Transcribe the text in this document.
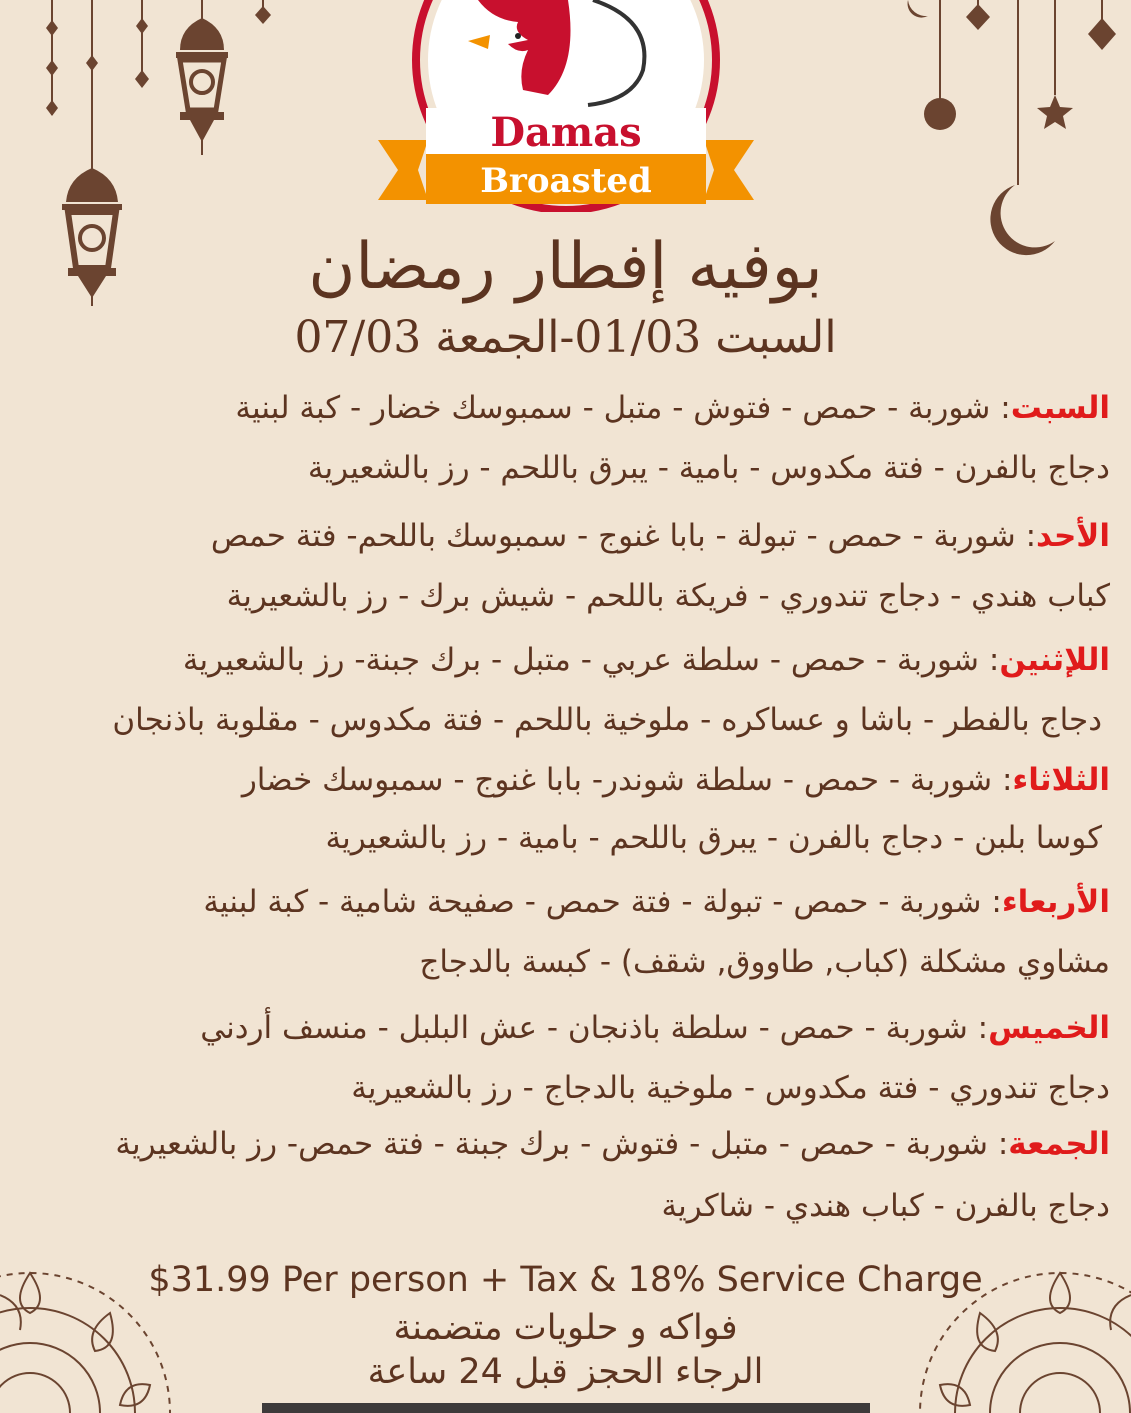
Damas
Broasted
بوفيه إفطار رمضان
السبت 01/03-الجمعة 07/03
السبت: شوربة - حمص - فتوش - متبل - سمبوسك خضار - كبة لبنية
دجاج بالفرن - فتة مكدوس - بامية - يبرق باللحم - رز بالشعيرية
الأحد: شوربة - حمص - تبولة - بابا غنوج - سمبوسك باللحم- فتة حمص
كباب هندي - دجاج تندوري - فريكة باللحم - شيش برك - رز بالشعيرية
اللإثنين: شوربة - حمص - سلطة عربي - متبل - برك جبنة- رز بالشعيرية
دجاج بالفطر - باشا و عساكره - ملوخية باللحم - فتة مكدوس - مقلوبة باذنجان
الثلاثاء: شوربة - حمص - سلطة شوندر- بابا غنوج - سمبوسك خضار
كوسا بلبن - دجاج بالفرن - يبرق باللحم - بامية - رز بالشعيرية
الأربعاء: شوربة - حمص - تبولة - فتة حمص - صفيحة شامية - كبة لبنية
مشاوي مشكلة (كباب, طاووق, شقف) - كبسة بالدجاج
الخميس: شوربة - حمص - سلطة باذنجان - عش البلبل - منسف أردني
دجاج تندوري - فتة مكدوس - ملوخية بالدجاج - رز بالشعيرية
الجمعة: شوربة - حمص - متبل - فتوش - برك جبنة - فتة حمص- رز بالشعيرية
دجاج بالفرن - كباب هندي - شاكرية
$31.99 Per person + Tax & 18% Service Charge
فواكه و حلويات متضمنة
الرجاء الحجز قبل 24 ساعة
